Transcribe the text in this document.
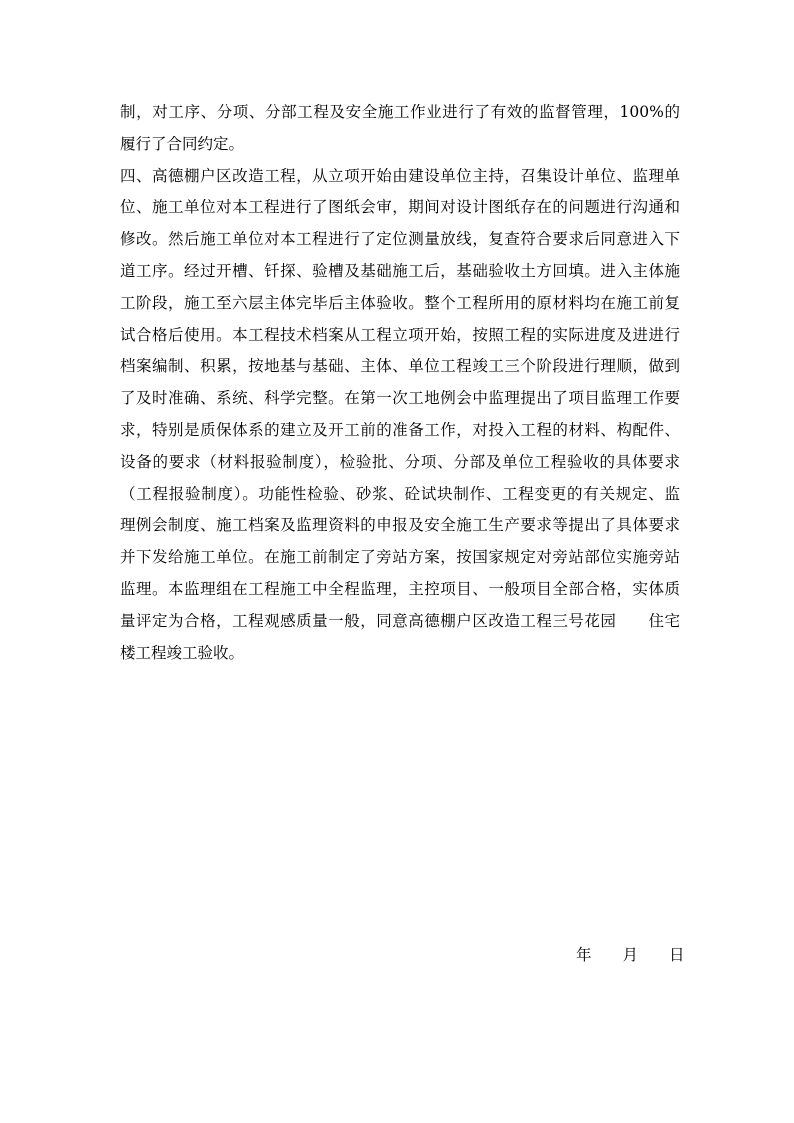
制，对工序、分项、分部工程及安全施工作业进行了有效的监督管理，100%的
履行了合同约定。
四、高德棚户区改造工程，从立项开始由建设单位主持，召集设计单位、监理单
位、施工单位对本工程进行了图纸会审，期间对设计图纸存在的问题进行沟通和
修改。然后施工单位对本工程进行了定位测量放线，复查符合要求后同意进入下
道工序。经过开槽、钎探、验槽及基础施工后，基础验收土方回填。进入主体施
工阶段，施工至六层主体完毕后主体验收。整个工程所用的原材料均在施工前复
试合格后使用。本工程技术档案从工程立项开始，按照工程的实际进度及进进行
档案编制、积累，按地基与基础、主体、单位工程竣工三个阶段进行理顺，做到
了及时准确、系统、科学完整。在第一次工地例会中监理提出了项目监理工作要
求，特别是质保体系的建立及开工前的准备工作，对投入工程的材料、构配件、
设备的要求（材料报验制度），检验批、分项、分部及单位工程验收的具体要求
（工程报验制度）。功能性检验、砂浆、砼试块制作、工程变更的有关规定、监
理例会制度、施工档案及监理资料的申报及安全施工生产要求等提出了具体要求
并下发给施工单位。在施工前制定了旁站方案，按国家规定对旁站部位实施旁站
监理。本监理组在工程施工中全程监理，主控项目、一般项目全部合格，实体质
量评定为合格，工程观感质量一般，同意高德棚户区改造工程三号花园　　住宅
楼工程竣工验收。
年　　月　　日
